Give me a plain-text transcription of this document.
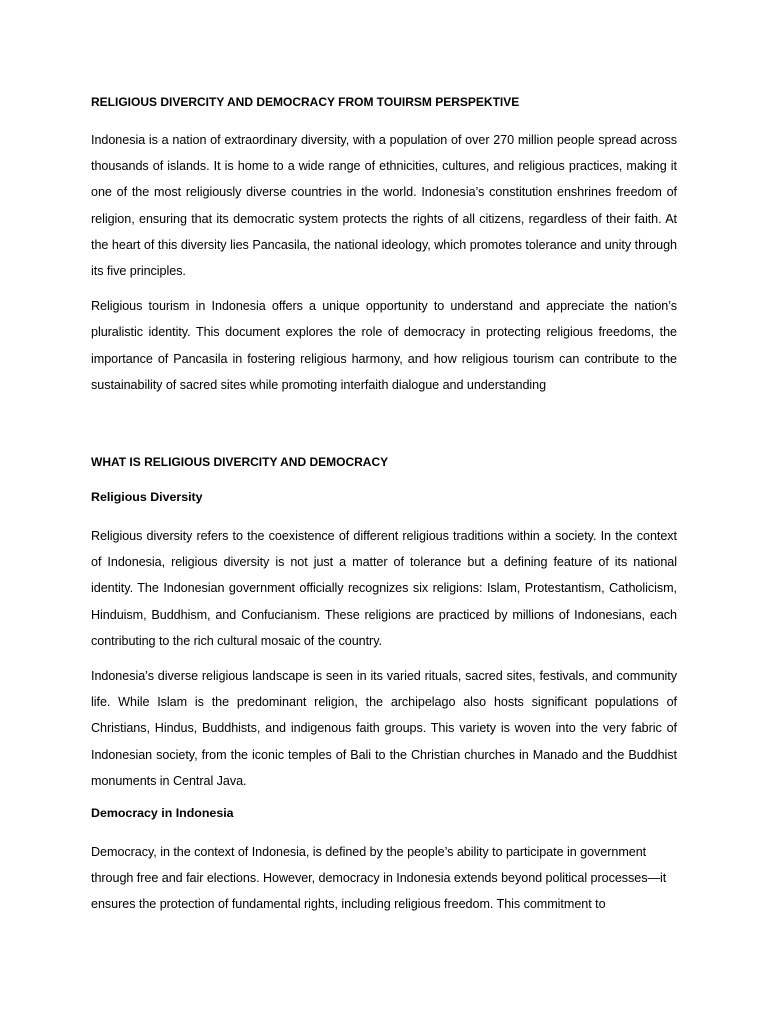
RELIGIOUS DIVERCITY AND DEMOCRACY FROM TOUIRSM PERSPEKTIVE

Indonesia is a nation of extraordinary diversity, with a population of over 270 million people spread across thousands of islands. It is home to a wide range of ethnicities, cultures, and religious practices, making it one of the most religiously diverse countries in the world. Indonesia’s constitution enshrines freedom of religion, ensuring that its democratic system protects the rights of all citizens, regardless of their faith. At the heart of this diversity lies Pancasila, the national ideology, which promotes tolerance and unity through its five principles.

Religious tourism in Indonesia offers a unique opportunity to understand and appreciate the nation’s pluralistic identity. This document explores the role of democracy in protecting religious freedoms, the importance of Pancasila in fostering religious harmony, and how religious tourism can contribute to the sustainability of sacred sites while promoting interfaith dialogue and understanding

WHAT IS RELIGIOUS DIVERCITY AND DEMOCRACY
Religious Diversity

Religious diversity refers to the coexistence of different religious traditions within a society. In the context of Indonesia, religious diversity is not just a matter of tolerance but a defining feature of its national identity. The Indonesian government officially recognizes six religions: Islam, Protestantism, Catholicism, Hinduism, Buddhism, and Confucianism. These religions are practiced by millions of Indonesians, each contributing to the rich cultural mosaic of the country.

Indonesia’s diverse religious landscape is seen in its varied rituals, sacred sites, festivals, and community life. While Islam is the predominant religion, the archipelago also hosts significant populations of Christians, Hindus, Buddhists, and indigenous faith groups. This variety is woven into the very fabric of Indonesian society, from the iconic temples of Bali to the Christian churches in Manado and the Buddhist monuments in Central Java.

Democracy in Indonesia

Democracy, in the context of Indonesia, is defined by the people’s ability to participate in government through free and fair elections. However, democracy in Indonesia extends beyond political processes—it ensures the protection of fundamental rights, including religious freedom. This commitment to
